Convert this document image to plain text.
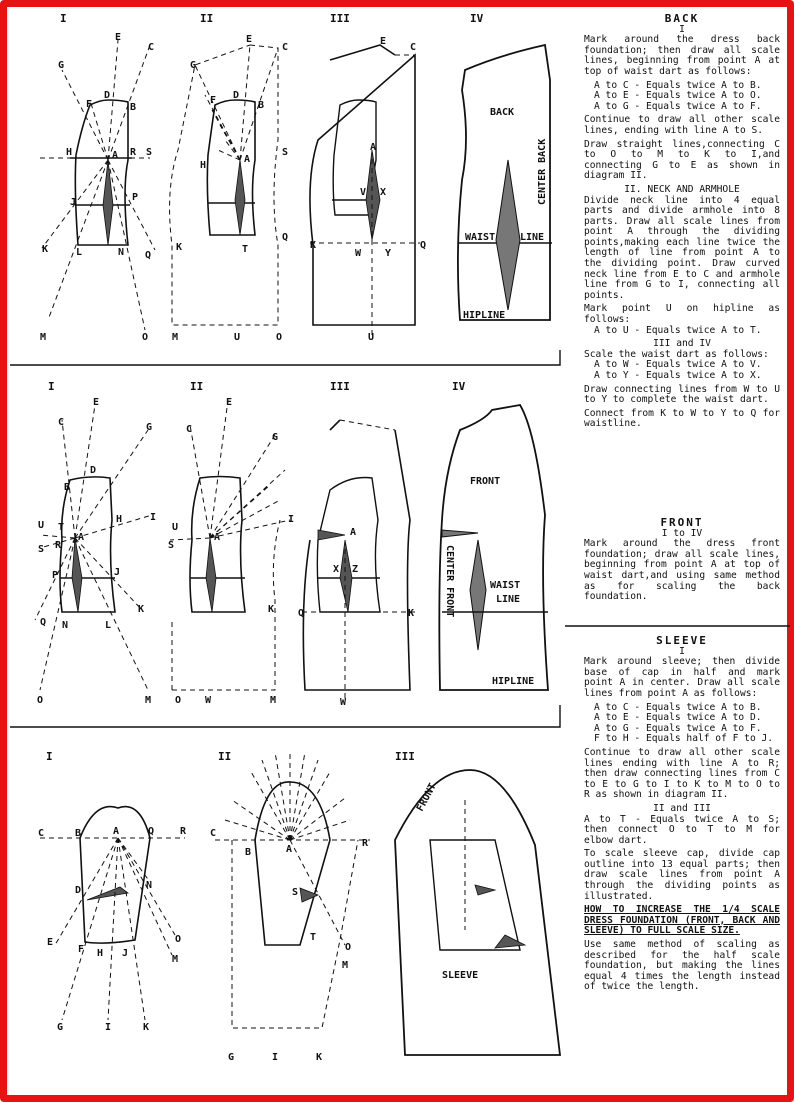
I	II	III	IV
G
E
C
F
D
B
A
H	R S
J	P
K	L	N Q
M	O
G
E
C
F D
B
A
H
S
K	T
Q
M	U	O
E
C
A
V X
K
W Y
Q
U
BACK
CENTER BACK
WAIST LINE
HIPLINE
I	II	III	IV
C
E
G
D
B
H	I
U T
S R
A
P	J
K
Q N	L
O	M
C
E
G
I
U
S
A
K
O W	M
A
X Z
Q	K
W
FRONT
CENTER FRONT	WAIST
LINE
HIPLINE
I	II	III
C	B	A	Q	R
D	N
E
F H J
O
M
G	I	K
C
B	A
R
S
T
O
M
G	I	K
FRONT
SLEEVE

BACK

I

Mark around the dress back foundation; then draw all scale lines, beginning from point A at top of waist dart as follows:

A to C - Equals twice A to B.

A to E - Equals twice A to O.

A to G - Equals twice A to F.

Continue to draw all other scale lines, ending with line A to S.

Draw straight lines,connecting C to O to M to K to I,and connecting G to E as shown in diagram II.

II. NECK AND ARMHOLE

Divide neck line into 4 equal parts and divide armhole into 8 parts. Draw all scale lines from point A through the dividing points,making each line twice the length of line from point A to the dividing point. Draw curved neck line from E to C and armhole line from G to I, connecting all points.

Mark point U on hipline as follows:

A to U - Equals twice A to T.

III and IV

Scale the waist dart as follows:

A to W - Equals twice A to V.

A to Y - Equals twice A to X.

Draw connecting lines from W to U to Y to complete the waist dart.

Connect from K to W to Y to Q for waistline.

FRONT

I to IV

Mark around the dress front foundation; draw all scale lines, beginning from point A at top of waist dart,and using same method as for scaling the back foundation.

SLEEVE

I

Mark around sleeve; then divide base of cap in half and mark point A in center. Draw all scale lines from point A as follows:

A to C - Equals twice A to B.

A to E - Equals twice A to D.

A to G - Equals twice A to F.

F to H - Equals half of F to J.

Continue to draw all other scale lines ending with line A to R; then draw connecting lines from C to E to G to I to K to M to O to R as shown in diagram II.

II and III

A to T - Equals twice A to S; then connect O to T to M for elbow dart.

To scale sleeve cap, divide cap outline into 13 equal parts; then draw scale lines from point A through the dividing points as illustrated.

HOW TO INCREASE THE 1/4 SCALE DRESS FOUNDATION (FRONT, BACK AND SLEEVE) TO FULL SCALE SIZE.

Use same method of scaling as described for the half scale foundation, but making the lines equal 4 times the length instead of twice the length.
